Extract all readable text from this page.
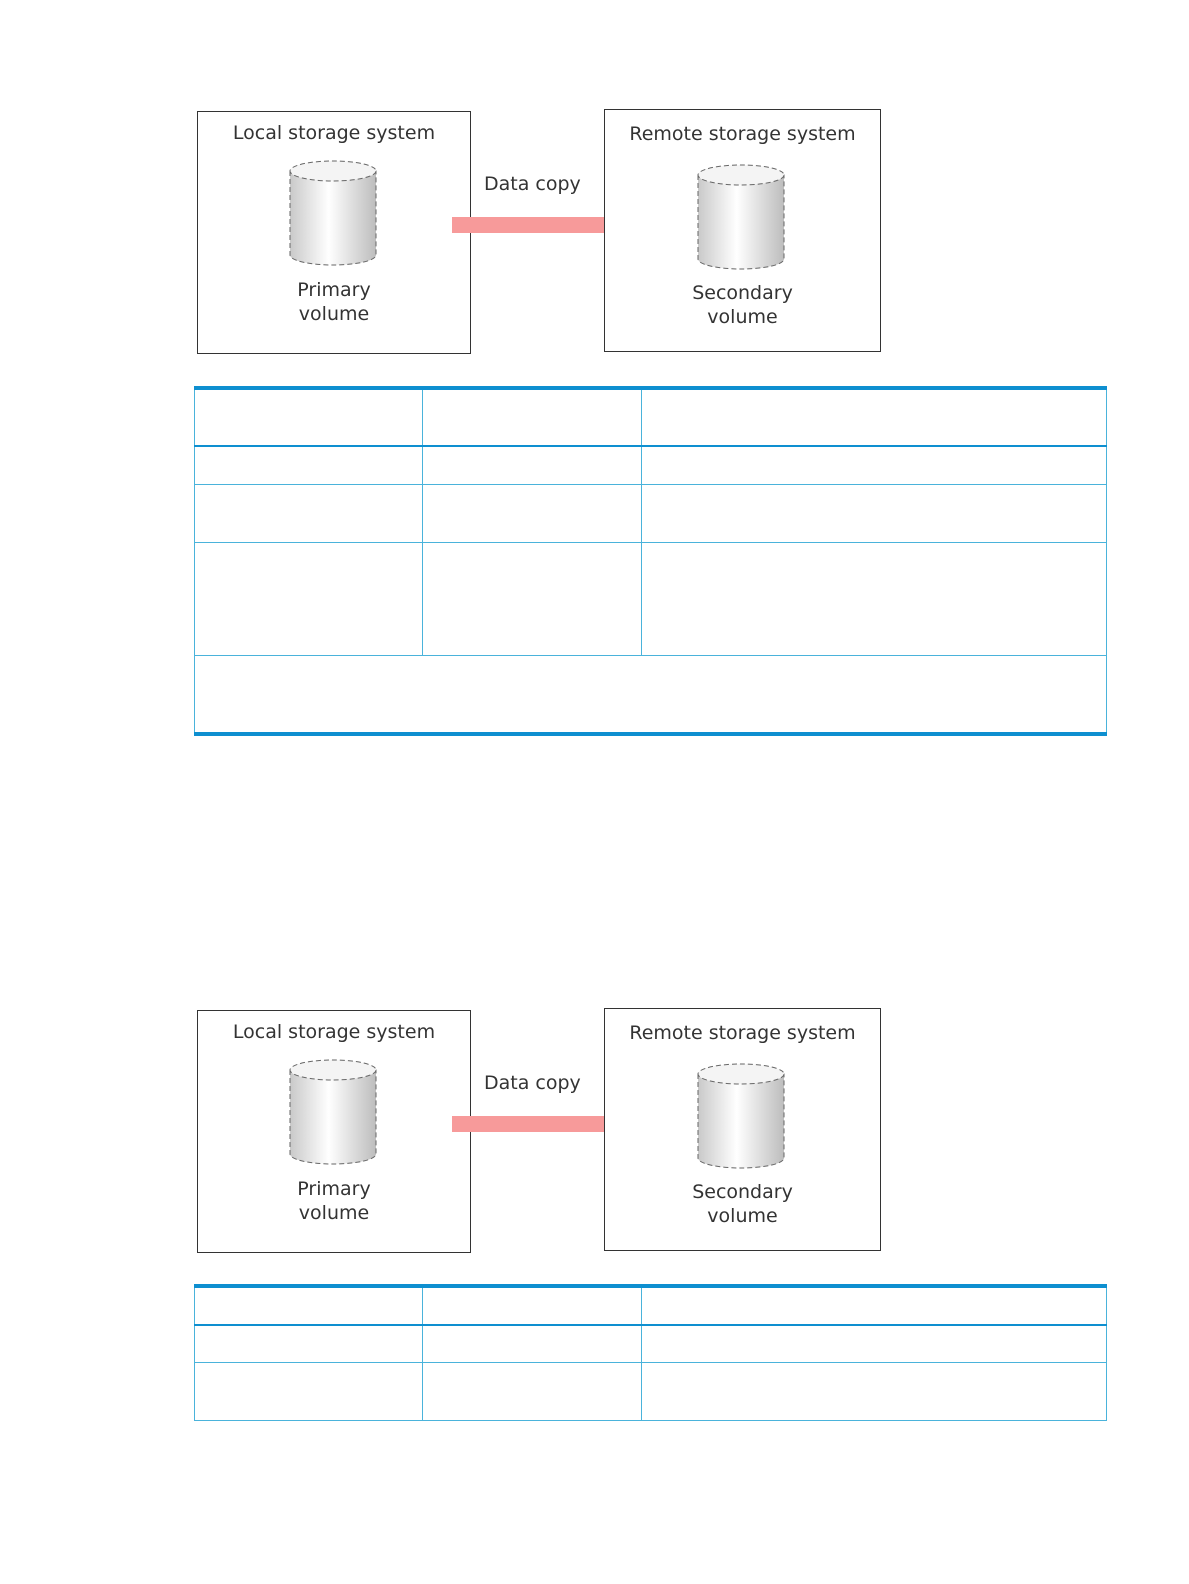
Local storage system
Primary
volume
Data copy
Remote storage system
Secondary
volume

Local storage system
Primary
volume
Data copy
Remote storage system
Secondary
volume
